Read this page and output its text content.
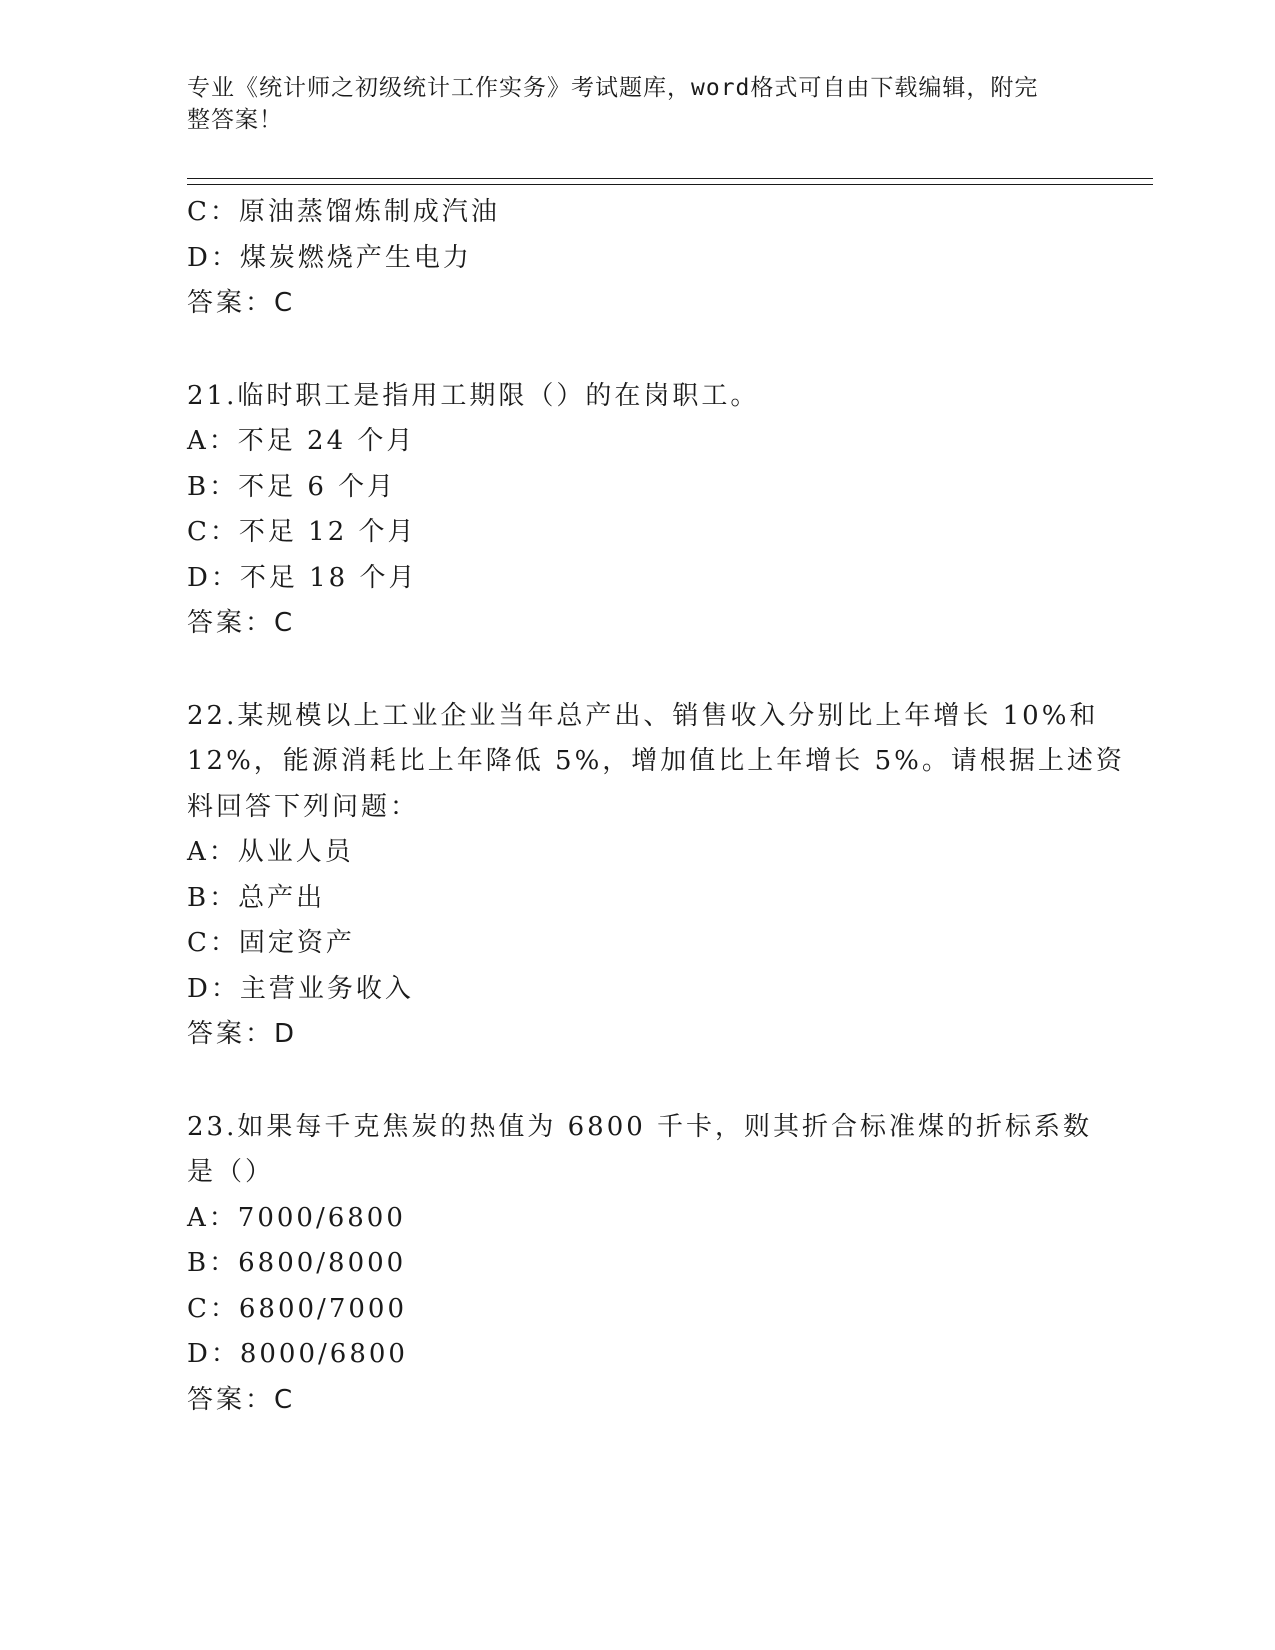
专业《统计师之初级统计工作实务》考试题库，word格式可自由下载编辑，附完
整答案！
C：原油蒸馏炼制成汽油
D：煤炭燃烧产生电力
答案：C
21.临时职工是指用工期限（）的在岗职工。
A：不足 24 个月
B：不足 6 个月
C：不足 12 个月
D：不足 18 个月
答案：C
22.某规模以上工业企业当年总产出、销售收入分别比上年增长 10%和
12%，能源消耗比上年降低 5%，增加值比上年增长 5%。请根据上述资
料回答下列问题：
A：从业人员
B：总产出
C：固定资产
D：主营业务收入
答案：D
23.如果每千克焦炭的热值为 6800 千卡，则其折合标准煤的折标系数
是（）
A：7000/6800
B：6800/8000
C：6800/7000
D：8000/6800
答案：C
